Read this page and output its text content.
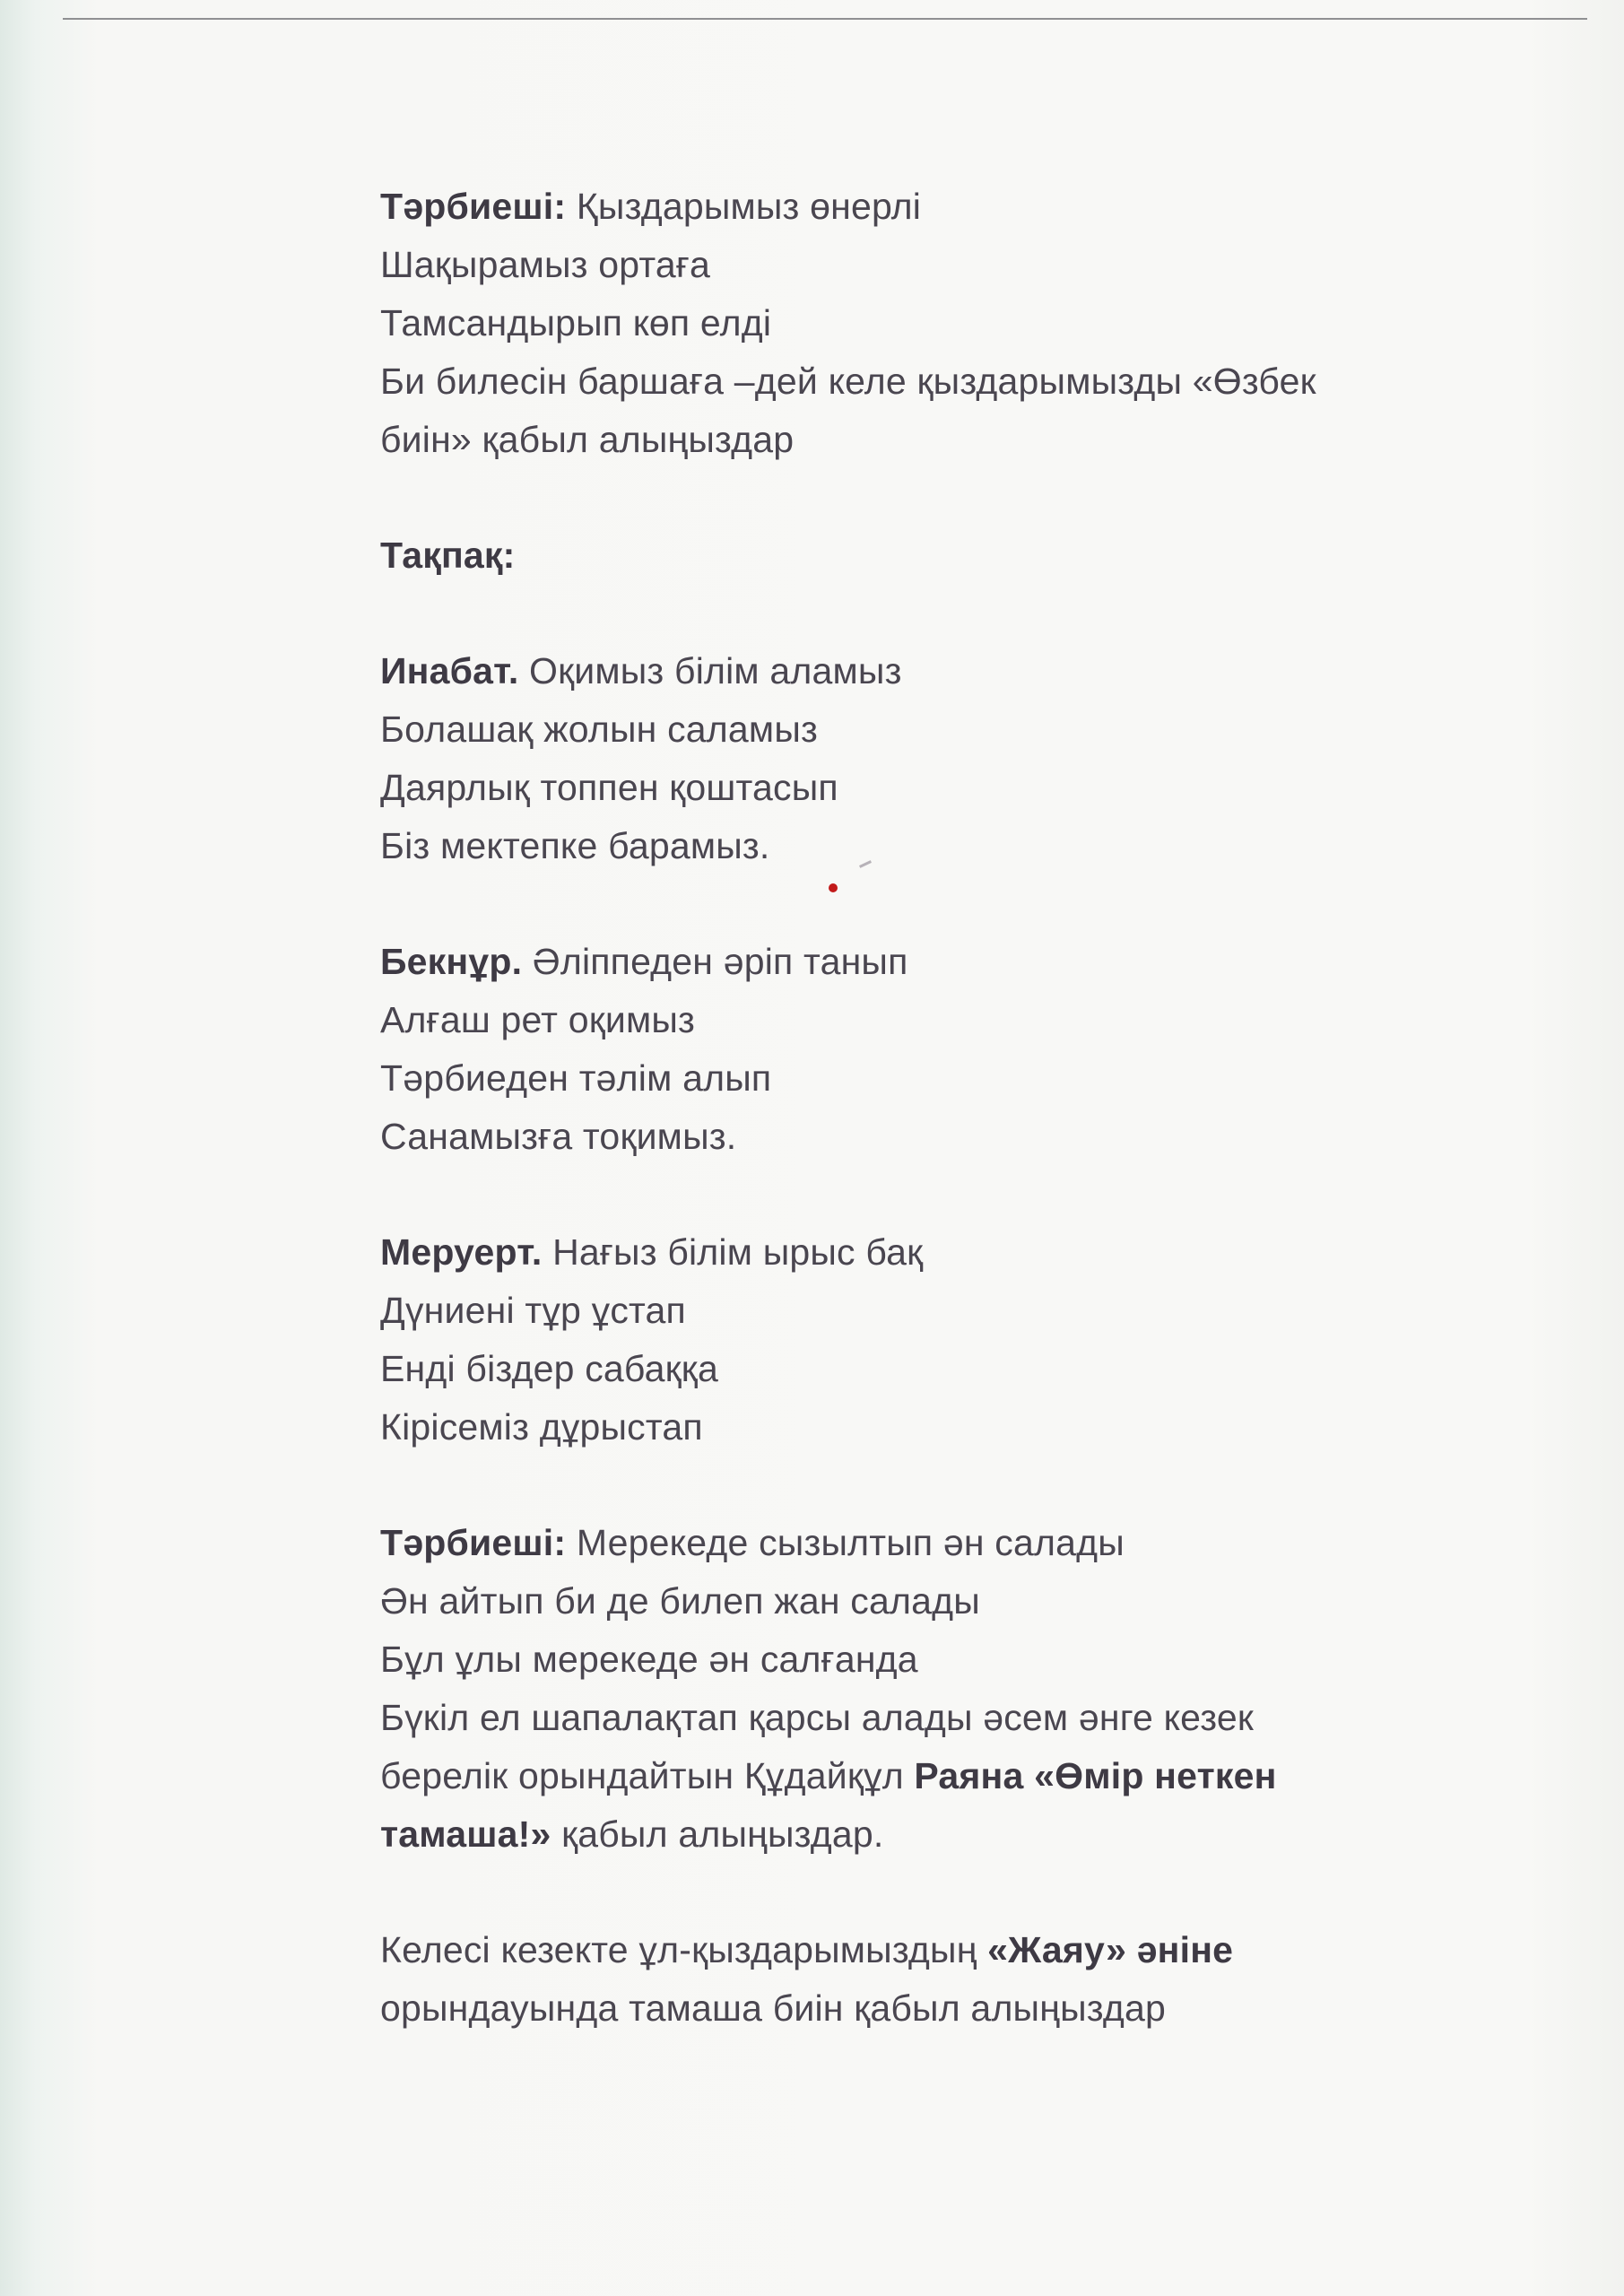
Тәрбиеші: Қыздарымыз өнерлі
Шақырамыз ортаға
Тамсандырып көп елді
Би билесін баршаға –дей келе қыздарымызды «Өзбек
биін» қабыл алыңыздар
Тақпақ:
Инабат. Оқимыз білім аламыз
Болашақ жолын саламыз
Даярлық топпен қоштасып
Біз мектепке барамыз.
Бекнұр. Әліппеден әріп танып
Алғаш рет оқимыз
Тәрбиеден тәлім алып
Санамызға тоқимыз.
Меруерт. Нағыз білім ырыс бақ
Дүниені тұр ұстап
Енді біздер сабаққа
Кірісеміз дұрыстап
Тәрбиеші: Мерекеде сызылтып ән салады
Ән айтып би де билеп жан салады
Бұл ұлы мерекеде ән салғанда
Бүкіл ел шапалақтап қарсы алады әсем әнге кезек
берелік орындайтын Құдайқұл Раяна «Өмір неткен
тамаша!» қабыл алыңыздар.
Келесі кезекте ұл-қыздарымыздың «Жаяу» әніне
орындауында тамаша биін қабыл алыңыздар
